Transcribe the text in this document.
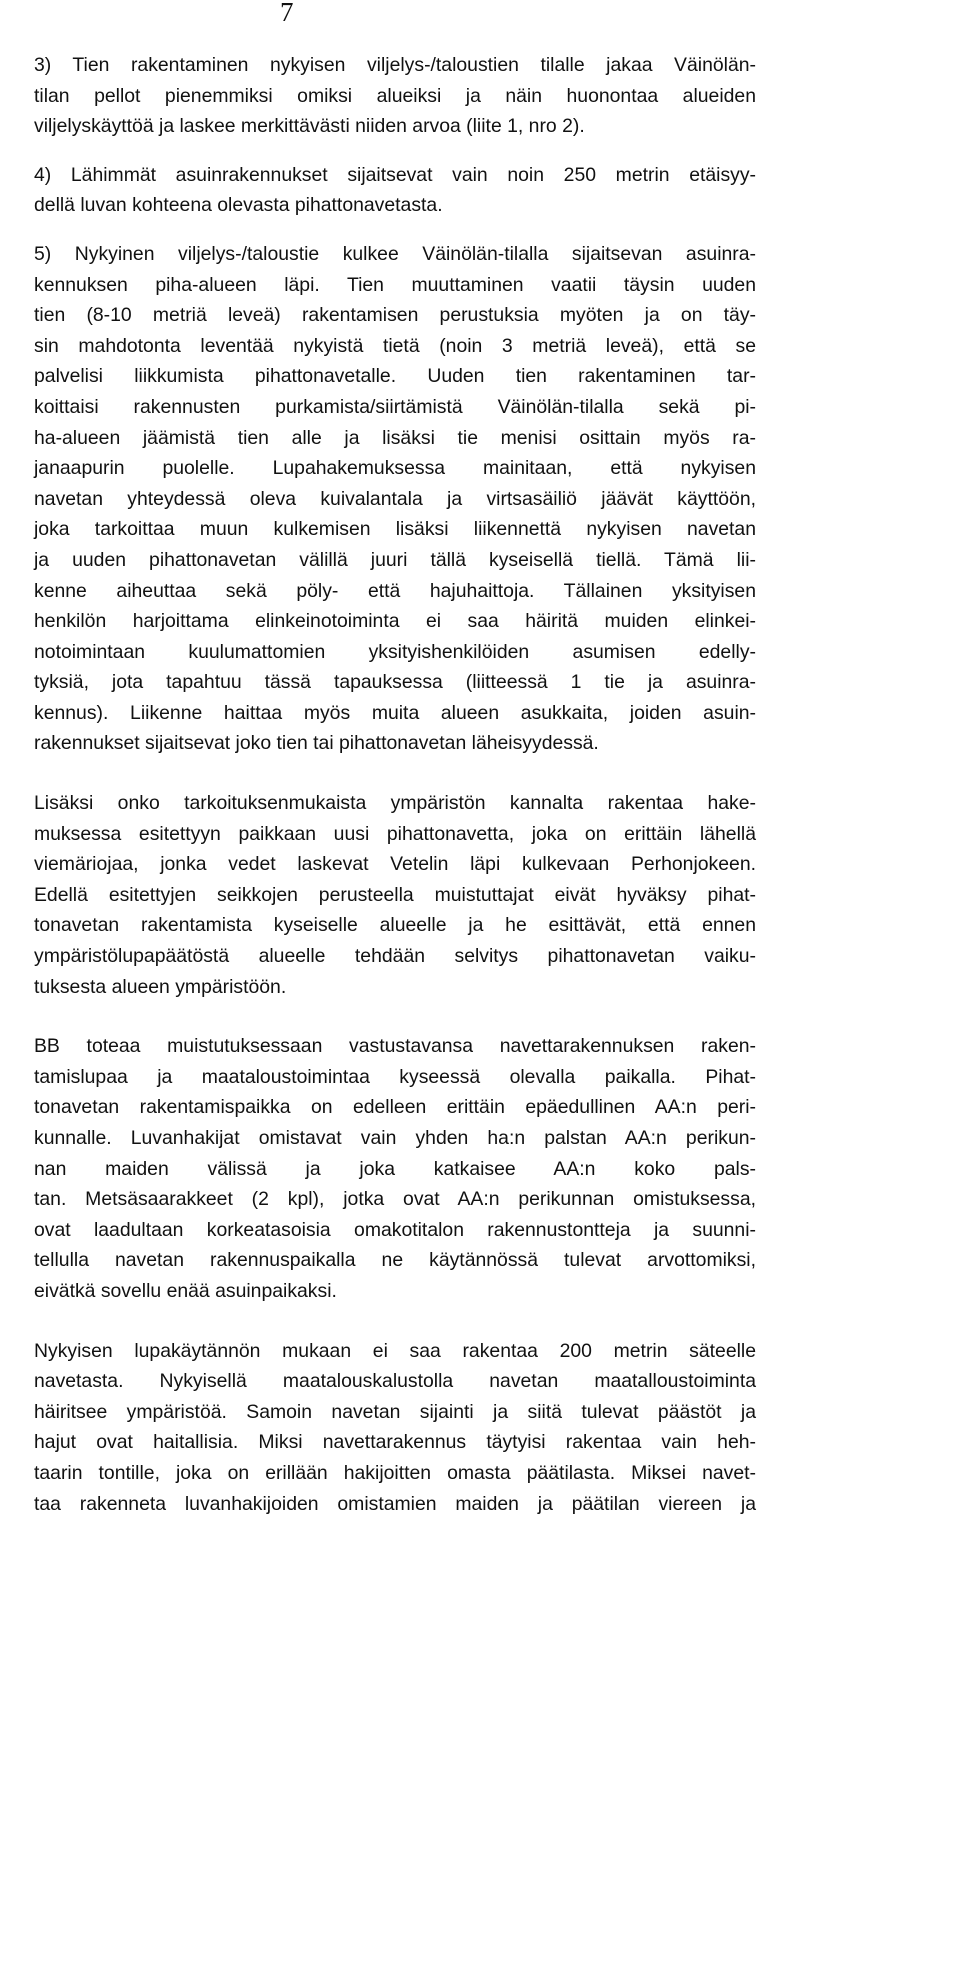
7
3) Tien rakentaminen nykyisen viljelys-/taloustien tilalle jakaa Väinölän-
tilan pellot pienemmiksi omiksi alueiksi ja näin huonontaa alueiden
viljelyskäyttöä ja laskee merkittävästi niiden arvoa (liite 1, nro 2).
4) Lähimmät asuinrakennukset sijaitsevat vain noin 250 metrin etäisyy-
dellä luvan kohteena olevasta pihattonavetasta.
5) Nykyinen viljelys-/taloustie kulkee Väinölän-tilalla sijaitsevan asuinra-
kennuksen piha-alueen läpi. Tien muuttaminen vaatii täysin uuden
tien (8-10 metriä leveä) rakentamisen perustuksia myöten ja on täy-
sin mahdotonta leventää nykyistä tietä (noin 3 metriä leveä), että se
palvelisi liikkumista pihattonavetalle. Uuden tien rakentaminen tar-
koittaisi rakennusten purkamista/siirtämistä Väinölän-tilalla sekä pi-
ha-alueen jäämistä tien alle ja lisäksi tie menisi osittain myös ra-
janaapurin puolelle. Lupahakemuksessa mainitaan, että nykyisen
navetan yhteydessä oleva kuivalantala ja virtsasäiliö jäävät käyttöön,
joka tarkoittaa muun kulkemisen lisäksi liikennettä nykyisen navetan
ja uuden pihattonavetan välillä juuri tällä kyseisellä tiellä. Tämä lii-
kenne aiheuttaa sekä pöly- että hajuhaittoja. Tällainen yksityisen
henkilön harjoittama elinkeinotoiminta ei saa häiritä muiden elinkei-
notoimintaan kuulumattomien yksityishenkilöiden asumisen edelly-
tyksiä, jota tapahtuu tässä tapauksessa (liitteessä 1 tie ja asuinra-
kennus). Liikenne haittaa myös muita alueen asukkaita, joiden asuin-
rakennukset sijaitsevat joko tien tai pihattonavetan läheisyydessä.
Lisäksi onko tarkoituksenmukaista ympäristön kannalta rakentaa hake-
muksessa esitettyyn paikkaan uusi pihattonavetta, joka on erittäin lähellä
viemäriojaa, jonka vedet laskevat Vetelin läpi kulkevaan Perhonjokeen.
Edellä esitettyjen seikkojen perusteella muistuttajat eivät hyväksy pihat-
tonavetan rakentamista kyseiselle alueelle ja he esittävät, että ennen
ympäristölupapäätöstä alueelle tehdään selvitys pihattonavetan vaiku-
tuksesta alueen ympäristöön.
BB toteaa muistutuksessaan vastustavansa navettarakennuksen raken-
tamislupaa ja maataloustoimintaa kyseessä olevalla paikalla. Pihat-
tonavetan rakentamispaikka on edelleen erittäin epäedullinen AA:n peri-
kunnalle. Luvanhakijat omistavat vain yhden ha:n palstan AA:n perikun-
nan maiden välissä ja joka katkaisee AA:n koko pals-
tan. Metsäsaarakkeet (2 kpl), jotka ovat AA:n perikunnan omistuksessa,
ovat laadultaan korkeatasoisia omakotitalon rakennustontteja ja suunni-
tellulla navetan rakennuspaikalla ne käytännössä tulevat arvottomiksi,
eivätkä sovellu enää asuinpaikaksi.
Nykyisen lupakäytännön mukaan ei saa rakentaa 200 metrin säteelle
navetasta. Nykyisellä maatalouskalustolla navetan maatalloustoiminta
häiritsee ympäristöä. Samoin navetan sijainti ja siitä tulevat päästöt ja
hajut ovat haitallisia. Miksi navettarakennus täytyisi rakentaa vain heh-
taarin tontille, joka on erillään hakijoitten omasta päätilasta. Miksei navet-
taa rakenneta luvanhakijoiden omistamien maiden ja päätilan viereen ja
